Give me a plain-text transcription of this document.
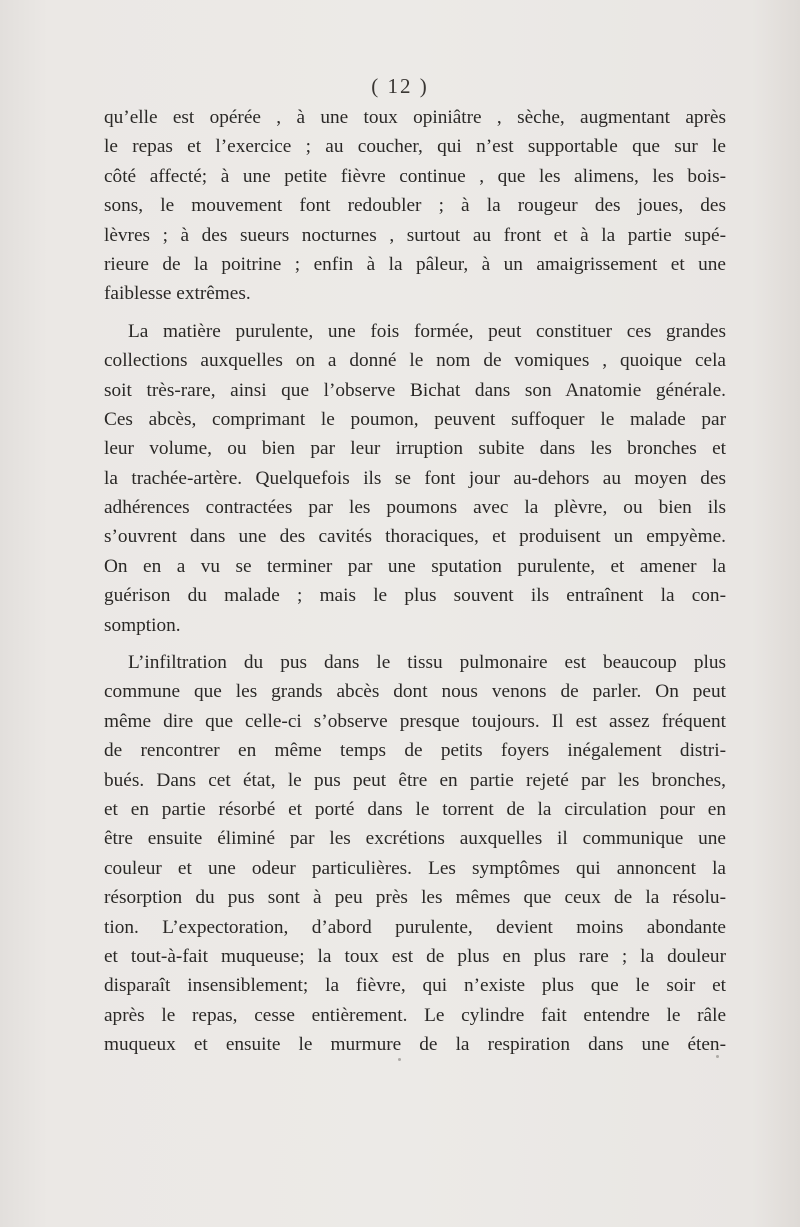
( 12 )
qu’elle est opérée , à une toux opiniâtre , sèche, augmentant après
le repas et l’exercice ; au coucher, qui n’est supportable que sur le
côté affecté; à une petite fièvre continue , que les alimens, les bois-
sons, le mouvement font redoubler ; à la rougeur des joues, des
lèvres ; à des sueurs nocturnes , surtout au front et à la partie supé-
rieure de la poitrine ; enfin à la pâleur, à un amaigrissement et une
faiblesse extrêmes.
La matière purulente, une fois formée, peut constituer ces grandes
collections auxquelles on a donné le nom de vomiques , quoique cela
soit très-rare, ainsi que l’observe Bichat dans son Anatomie générale.
Ces abcès, comprimant le poumon, peuvent suffoquer le malade par
leur volume, ou bien par leur irruption subite dans les bronches et
la trachée-artère. Quelquefois ils se font jour au-dehors au moyen des
adhérences contractées par les poumons avec la plèvre, ou bien ils
s’ouvrent dans une des cavités thoraciques, et produisent un empyème.
On en a vu se terminer par une sputation purulente, et amener la
guérison du malade ; mais le plus souvent ils entraînent la con-
somption.
L’infiltration du pus dans le tissu pulmonaire est beaucoup plus
commune que les grands abcès dont nous venons de parler. On peut
même dire que celle-ci s’observe presque toujours. Il est assez fréquent
de rencontrer en même temps de petits foyers inégalement distri-
bués. Dans cet état, le pus peut être en partie rejeté par les bronches,
et en partie résorbé et porté dans le torrent de la circulation pour en
être ensuite éliminé par les excrétions auxquelles il communique une
couleur et une odeur particulières. Les symptômes qui annoncent la
résorption du pus sont à peu près les mêmes que ceux de la résolu-
tion. L’expectoration, d’abord purulente, devient moins abondante
et tout-à-fait muqueuse; la toux est de plus en plus rare ; la douleur
disparaît insensiblement; la fièvre, qui n’existe plus que le soir et
après le repas, cesse entièrement. Le cylindre fait entendre le râle
muqueux et ensuite le murmure de la respiration dans une éten-
